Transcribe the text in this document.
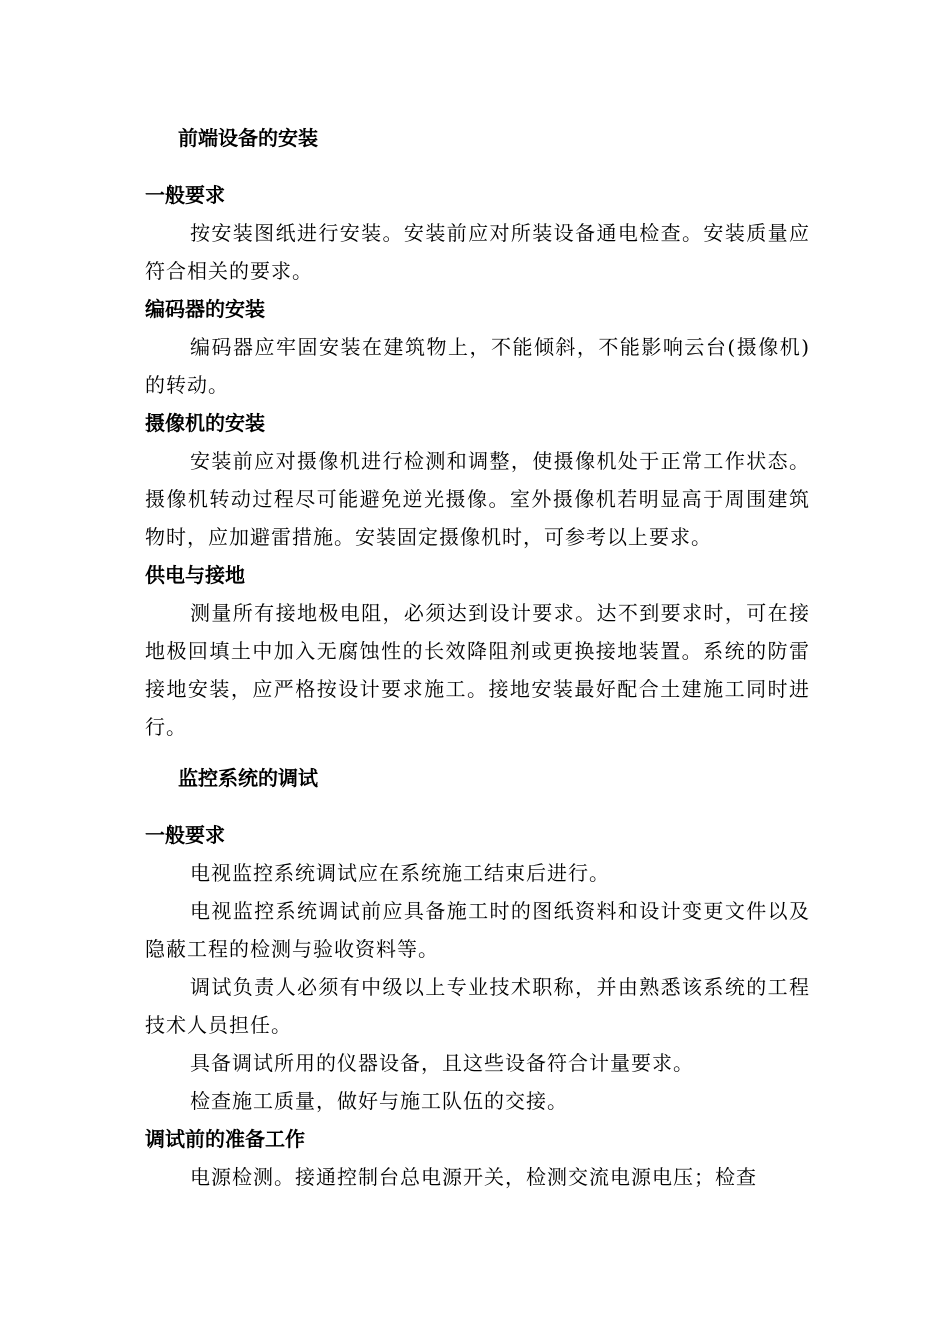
前端设备的安装
一般要求

按安装图纸进行安装。安装前应对所装设备通电检查。安装质量应符合相关的要求。

编码器的安装

编码器应牢固安装在建筑物上，不能倾斜，不能影响云台(摄像机)的转动。

摄像机的安装

安装前应对摄像机进行检测和调整，使摄像机处于正常工作状态。摄像机转动过程尽可能避免逆光摄像。室外摄像机若明显高于周围建筑物时，应加避雷措施。安装固定摄像机时，可参考以上要求。

供电与接地

测量所有接地极电阻，必须达到设计要求。达不到要求时，可在接地极回填土中加入无腐蚀性的长效降阻剂或更换接地装置。系统的防雷接地安装，应严格按设计要求施工。接地安装最好配合土建施工同时进行。

监控系统的调试
一般要求

电视监控系统调试应在系统施工结束后进行。

电视监控系统调试前应具备施工时的图纸资料和设计变更文件以及隐蔽工程的检测与验收资料等。

调试负责人必须有中级以上专业技术职称，并由熟悉该系统的工程技术人员担任。

具备调试所用的仪器设备，且这些设备符合计量要求。

检查施工质量，做好与施工队伍的交接。

调试前的准备工作

电源检测。接通控制台总电源开关，检测交流电源电压；检查
